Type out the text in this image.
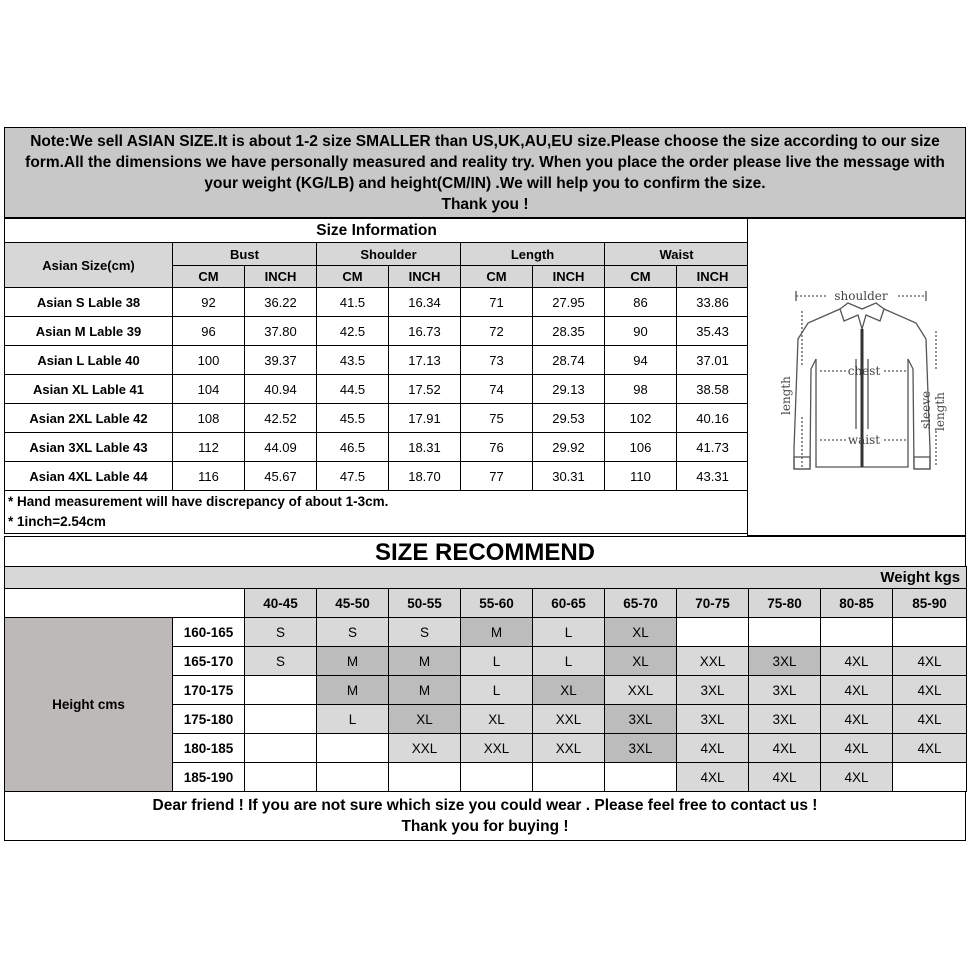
Note:We sell ASIAN SIZE.It is about 1-2 size SMALLER than US,UK,AU,EU size.Please choose the size according to our size
form.All the dimensions we have personally measured and reality try. When you place the order please live the message with
your weight (KG/LB) and height(CM/IN) .We will help you to confirm the size.
Thank you !
Size Information								
Asian Size(cm)	Bust		Shoulder		Length		Waist	
	CM	INCH	CM	INCH	CM	INCH	CM	INCH
Asian S Lable 38	92	36.22	41.5	16.34	71	27.95	86	33.86
Asian M Lable 39	96	37.80	42.5	16.73	72	28.35	90	35.43
Asian L Lable 40	100	39.37	43.5	17.13	73	28.74	94	37.01
Asian XL Lable 41	104	40.94	44.5	17.52	74	29.13	98	38.58
Asian 2XL Lable 42	108	42.52	45.5	17.91	75	29.53	102	40.16
Asian 3XL Lable 43	112	44.09	46.5	18.31	76	29.92	106	41.73
Asian 4XL Lable 44	116	45.67	47.5	18.70	77	30.31	110	43.31

* Hand measurement will have discrepancy of about 1-3cm.
* 1inch=2.54cm								
shoulder
chest
waist
length	sleeve length
SIZE RECOMMEND
Weight kgs											
		40-45	45-50	50-55	55-60	60-65	65-70	70-75	75-80	80-85	85-90
Height cms	160-165	S	S	S	M	L	XL				
	165-170	S	M	M	L	L	XL	XXL	3XL	4XL	4XL
	170-175		M	M	L	XL	XXL	3XL	3XL	4XL	4XL
	175-180		L	XL	XL	XXL	3XL	3XL	3XL	4XL	4XL
	180-185			XXL	XXL	XXL	3XL	4XL	4XL	4XL	4XL
	185-190							4XL	4XL	4XL	
Dear friend ! If you are not sure which size you could wear . Please feel free to contact us !
Thank you for buying !
